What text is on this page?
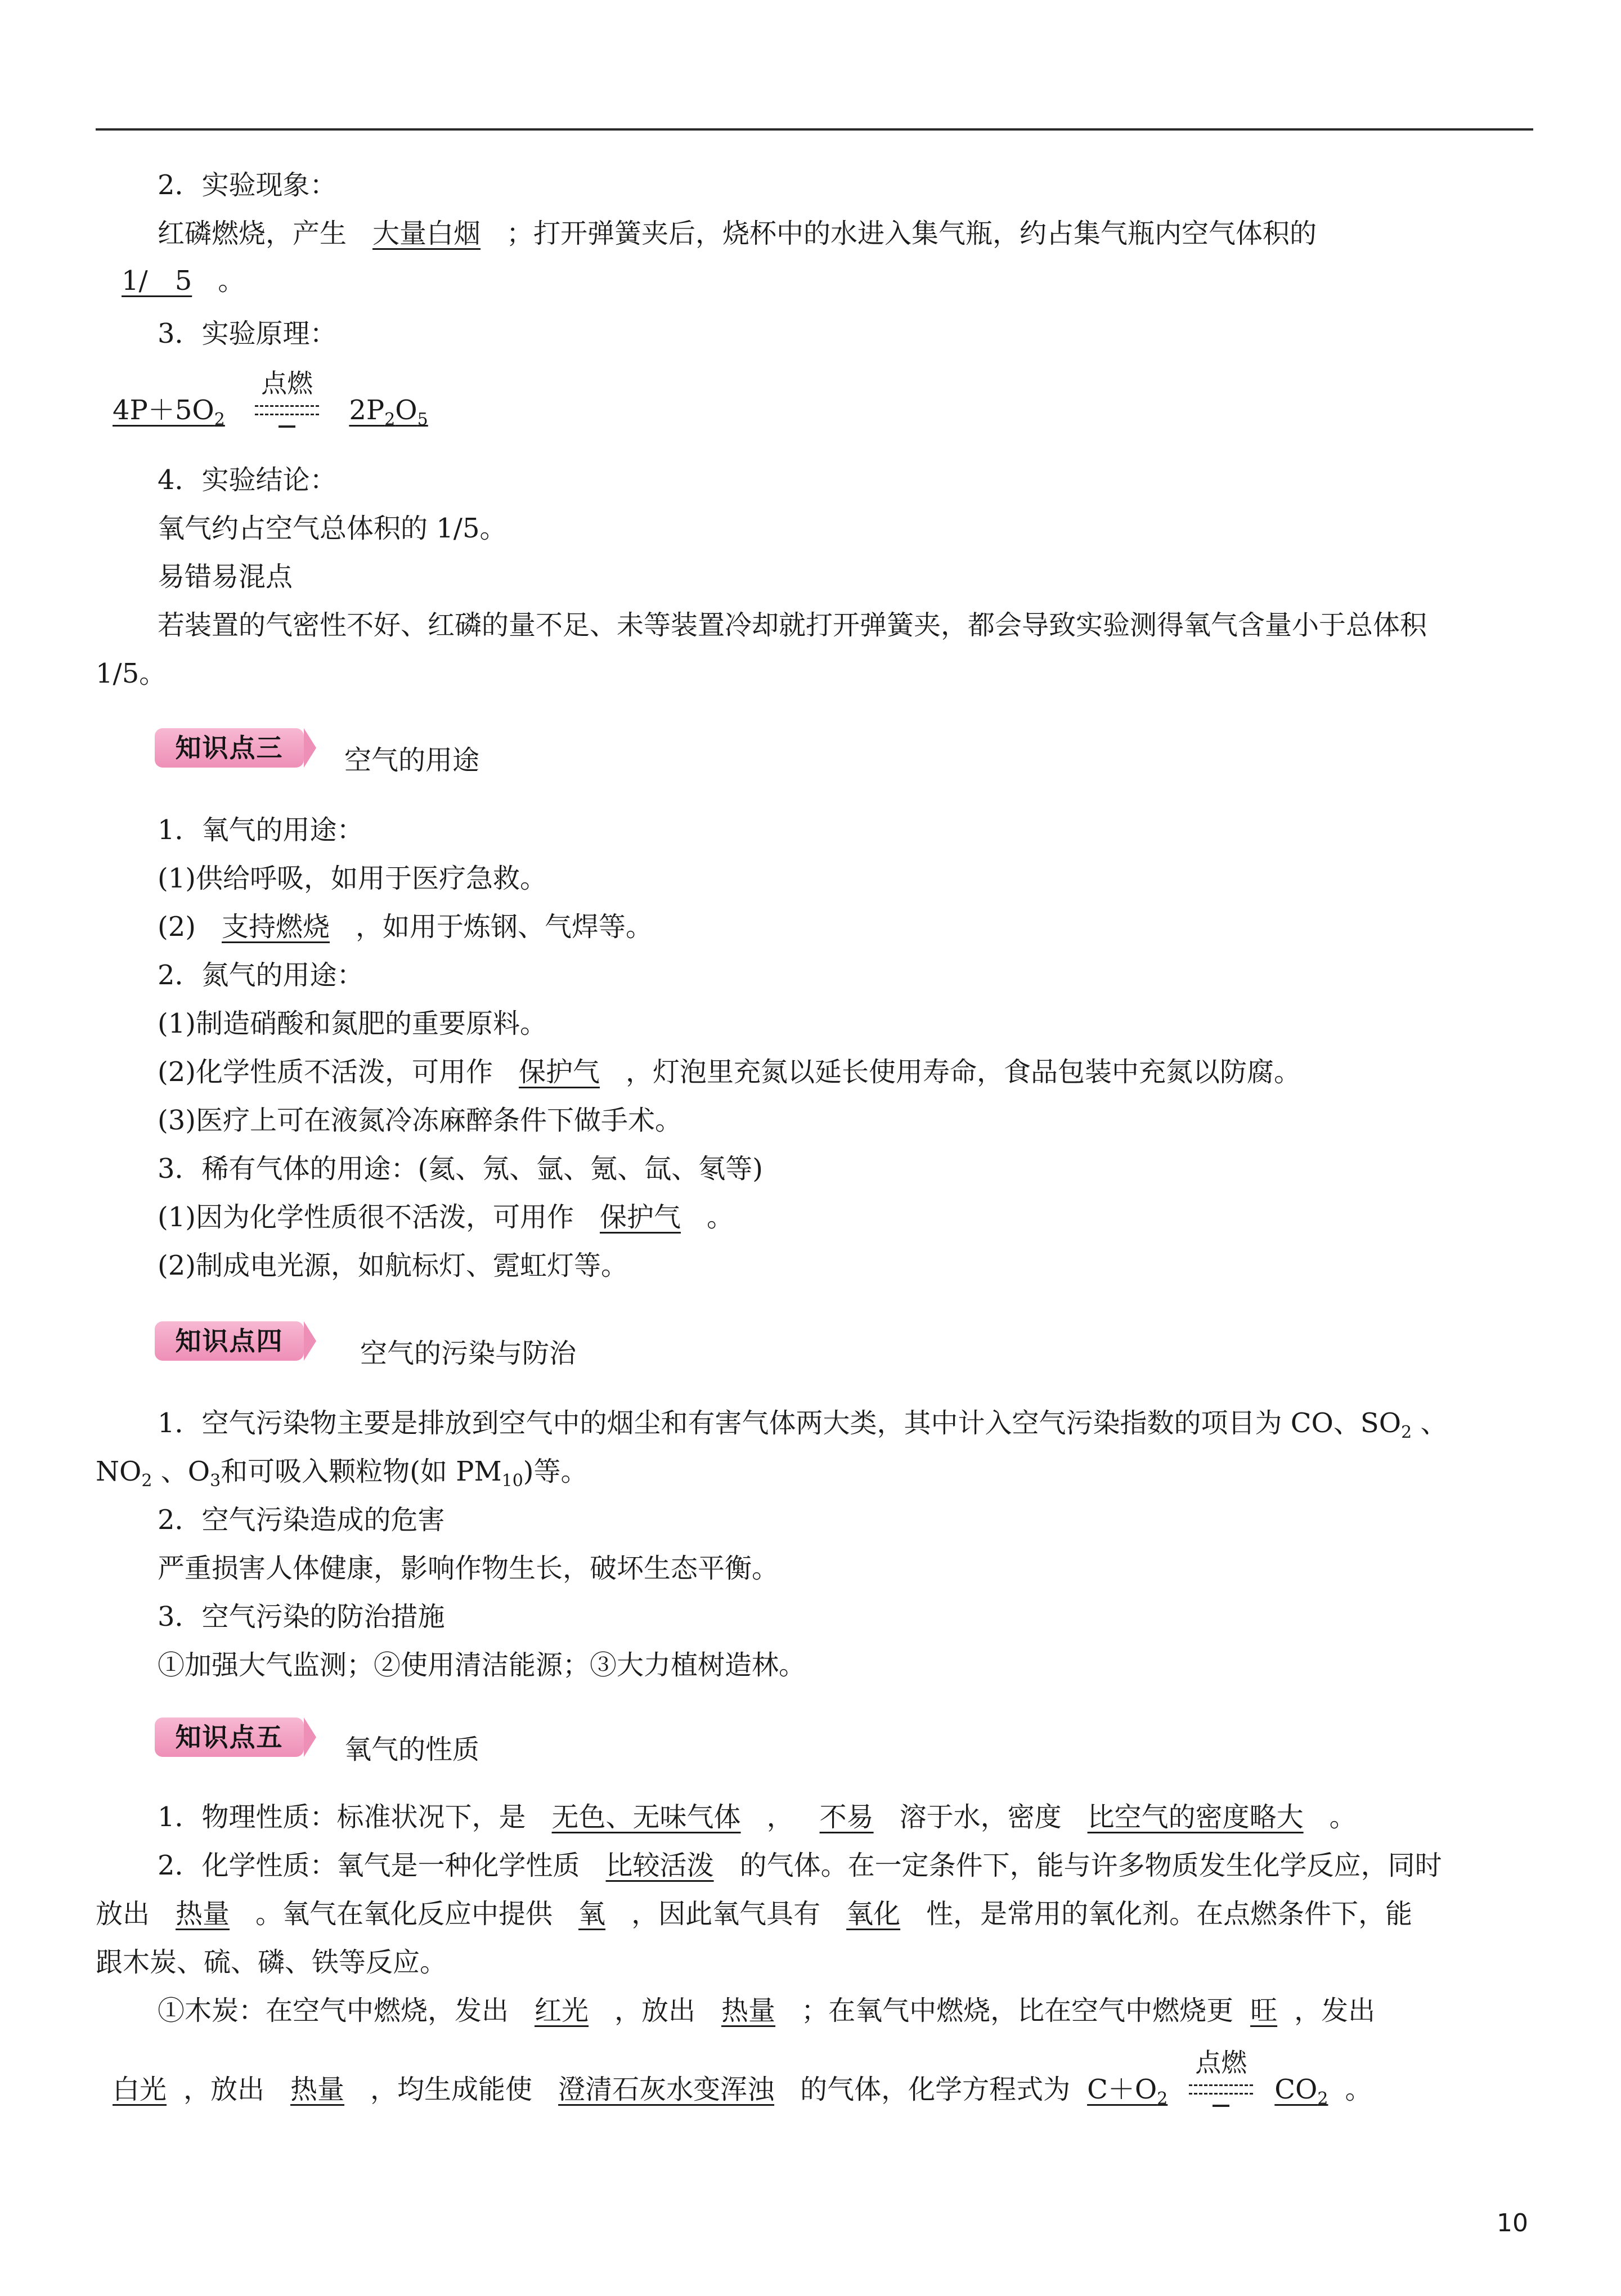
2．实验现象：
红磷燃烧，产生 大量白烟 ；打开弹簧夹后，烧杯中的水进入集气瓶，约占集气瓶内空气体积的
1/　5 。
3．实验原理：
$4P+5O_2$
点燃
$2P_2O_5$
4．实验结论：
氧气约占空气总体积的 1/5。
易错易混点
若装置的气密性不好、红磷的量不足、未等装置冷却就打开弹簧夹，都会导致实验测得氧气含量小于总体积
1/5。
知识点三	空气的用途
1．氧气的用途：
(1)供给呼吸，如用于医疗急救。
(2) 支持燃烧 ，如用于炼钢、气焊等。
2．氮气的用途：
(1)制造硝酸和氮肥的重要原料。
(2)化学性质不活泼，可用作 保护气 ，灯泡里充氮以延长使用寿命，食品包装中充氮以防腐。
(3)医疗上可在液氮冷冻麻醉条件下做手术。
3．稀有气体的用途：(氦、氖、氩、氪、氙、氡等)
(1)因为化学性质很不活泼，可用作 保护气 。
(2)制成电光源，如航标灯、霓虹灯等。
知识点四	空气的污染与防治
1．空气污染物主要是排放到空气中的烟尘和有害气体两大类，其中计入空气污染指数的项目为 CO、$SO_2$ 、
$NO_2$ 、$O_3$和可吸入颗粒物(如 $PM_{10}$)等。
2．空气污染造成的危害
严重损害人体健康，影响作物生长，破坏生态平衡。
3．空气污染的防治措施
①加强大气监测；②使用清洁能源；③大力植树造林。
知识点五	氧气的性质
1．物理性质：标准状况下，是 无色、无味气体 ， 不易 溶于水，密度 比空气的密度略大 。
2．化学性质：氧气是一种化学性质 比较活泼 的气体。在一定条件下，能与许多物质发生化学反应，同时
放出 热量 。氧气在氧化反应中提供 氧 ，因此氧气具有 氧化 性，是常用的氧化剂。在点燃条件下，能
跟木炭、硫、磷、铁等反应。
①木炭：在空气中燃烧，发出 红光 ，放出 热量 ；在氧气中燃烧，比在空气中燃烧更 旺 ，发出
白光 ，放出 热量 ，均生成能使 澄清石灰水变浑浊 的气体，化学方程式为 $C+O_2$
点燃
$CO_2$ 。
10
